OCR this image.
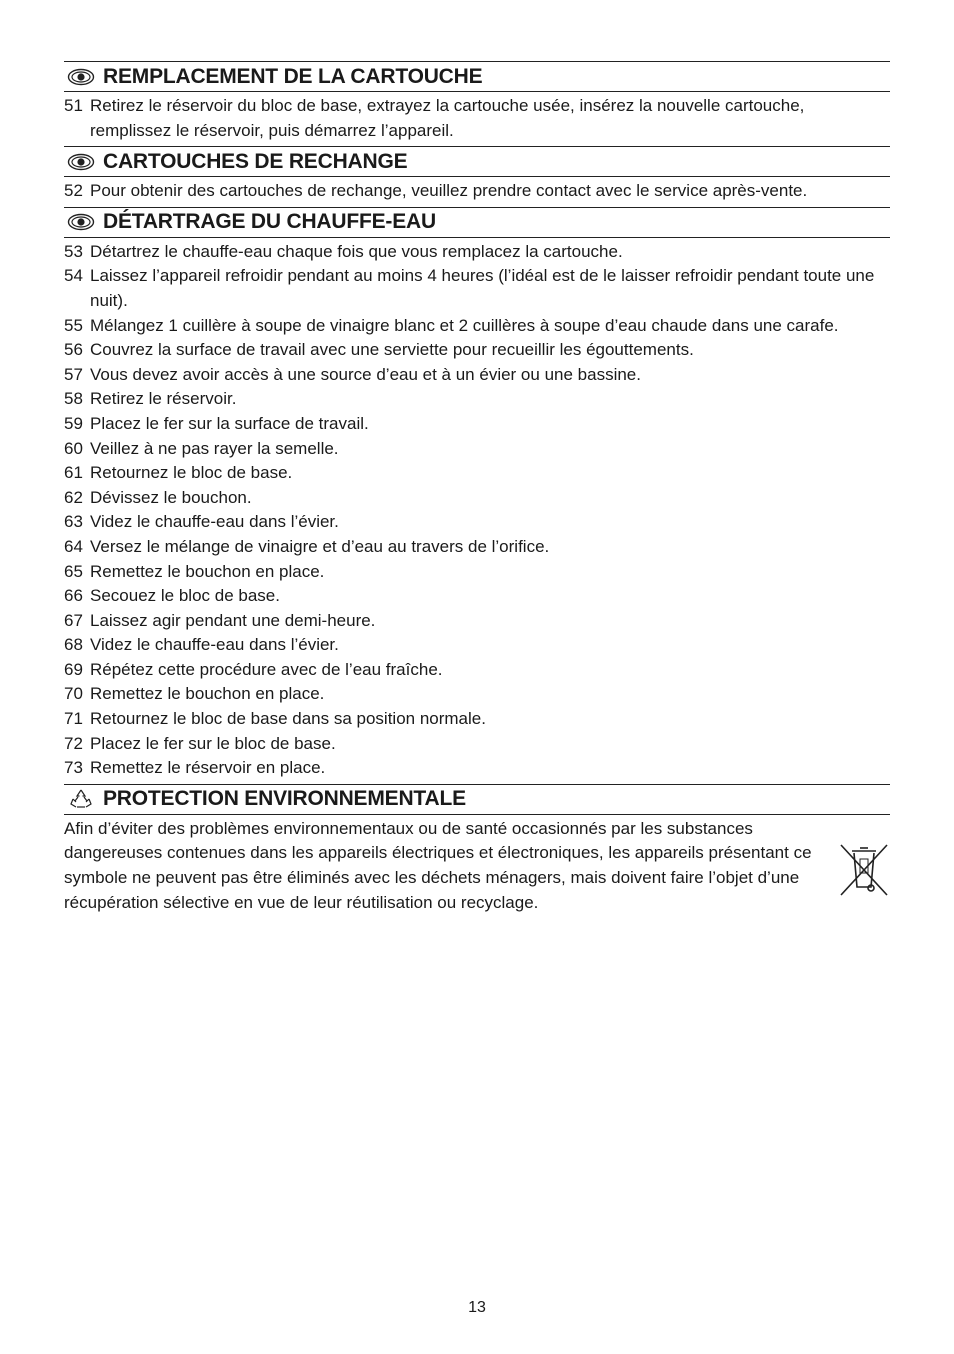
REMPLACEMENT DE LA CARTOUCHE
51 Retirez le réservoir du bloc de base, extrayez la cartouche usée, insérez la nouvelle cartouche, remplissez le réservoir, puis démarrez l’appareil.
CARTOUCHES DE RECHANGE
52 Pour obtenir des cartouches de rechange, veuillez prendre contact avec le service après-vente.
DÉTARTRAGE DU CHAUFFE-EAU
53 Détartrez le chauffe-eau chaque fois que vous remplacez la cartouche.
54 Laissez l’appareil refroidir pendant au moins 4 heures (l’idéal est de le laisser refroidir pendant toute une nuit).
55 Mélangez 1 cuillère à soupe de vinaigre blanc et 2 cuillères à soupe d’eau chaude dans une carafe.
56 Couvrez la surface de travail avec une serviette pour recueillir les égouttements.
57 Vous devez avoir accès à une source d’eau et à un évier ou une bassine.
58 Retirez le réservoir.
59 Placez le fer sur la surface de travail.
60 Veillez à ne pas rayer la semelle.
61 Retournez le bloc de base.
62 Dévissez le bouchon.
63 Videz le chauffe-eau dans l’évier.
64 Versez le mélange de vinaigre et d’eau au travers de l’orifice.
65 Remettez le bouchon en place.
66 Secouez le bloc de base.
67 Laissez agir pendant une demi-heure.
68 Videz le chauffe-eau dans l’évier.
69 Répétez cette procédure avec de l’eau fraîche.
70 Remettez le bouchon en place.
71 Retournez le bloc de base dans sa position normale.
72 Placez le fer sur le bloc de base.
73 Remettez le réservoir en place.
PROTECTION ENVIRONNEMENTALE
Afin d’éviter des problèmes environnementaux ou de santé occasionnés par les substances dangereuses contenues dans les appareils électriques et électroniques, les appareils présentant ce symbole ne peuvent pas être éliminés avec les déchets ménagers, mais doivent faire l’objet d’une récupération sélective en vue de leur réutilisation ou recyclage.
13
